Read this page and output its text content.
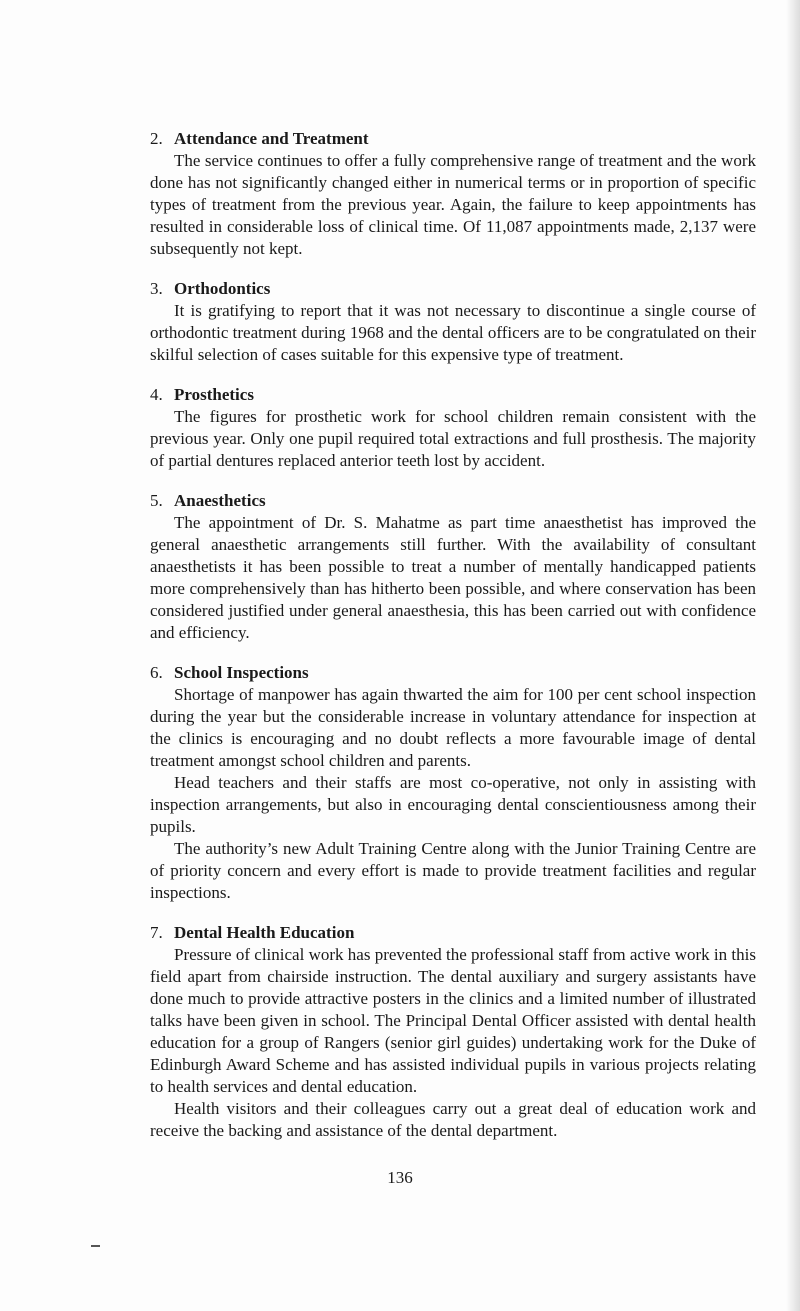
2. Attendance and Treatment

The service continues to offer a fully comprehensive range of treatment and the work done has not significantly changed either in numerical terms or in proportion of specific types of treatment from the previous year. Again, the failure to keep appointments has resulted in considerable loss of clinical time. Of 11,087 appointments made, 2,137 were subsequently not kept.

3. Orthodontics

It is gratifying to report that it was not necessary to discontinue a single course of orthodontic treatment during 1968 and the dental officers are to be congratulated on their skilful selection of cases suitable for this expensive type of treatment.

4. Prosthetics

The figures for prosthetic work for school children remain consistent with the previous year. Only one pupil required total extractions and full prosthesis. The majority of partial dentures replaced anterior teeth lost by accident.

5. Anaesthetics

The appointment of Dr. S. Mahatme as part time anaesthetist has improved the general anaesthetic arrangements still further. With the availability of consultant anaesthetists it has been possible to treat a number of mentally handicapped patients more comprehensively than has hitherto been possible, and where conservation has been considered justified under general anaesthesia, this has been carried out with confidence and efficiency.

6. School Inspections

Shortage of manpower has again thwarted the aim for 100 per cent school inspection during the year but the considerable increase in voluntary attendance for inspection at the clinics is encouraging and no doubt reflects a more favourable image of dental treatment amongst school children and parents.

Head teachers and their staffs are most co-operative, not only in assisting with inspection arrangements, but also in encouraging dental conscientiousness among their pupils.

The authority’s new Adult Training Centre along with the Junior Training Centre are of priority concern and every effort is made to provide treatment facilities and regular inspections.

7. Dental Health Education

Pressure of clinical work has prevented the professional staff from active work in this field apart from chairside instruction. The dental auxiliary and surgery assistants have done much to provide attractive posters in the clinics and a limited number of illustrated talks have been given in school. The Principal Dental Officer assisted with dental health education for a group of Rangers (senior girl guides) undertaking work for the Duke of Edinburgh Award Scheme and has assisted individual pupils in various projects relating to health services and dental education.

Health visitors and their colleagues carry out a great deal of education work and receive the backing and assistance of the dental department.

136
